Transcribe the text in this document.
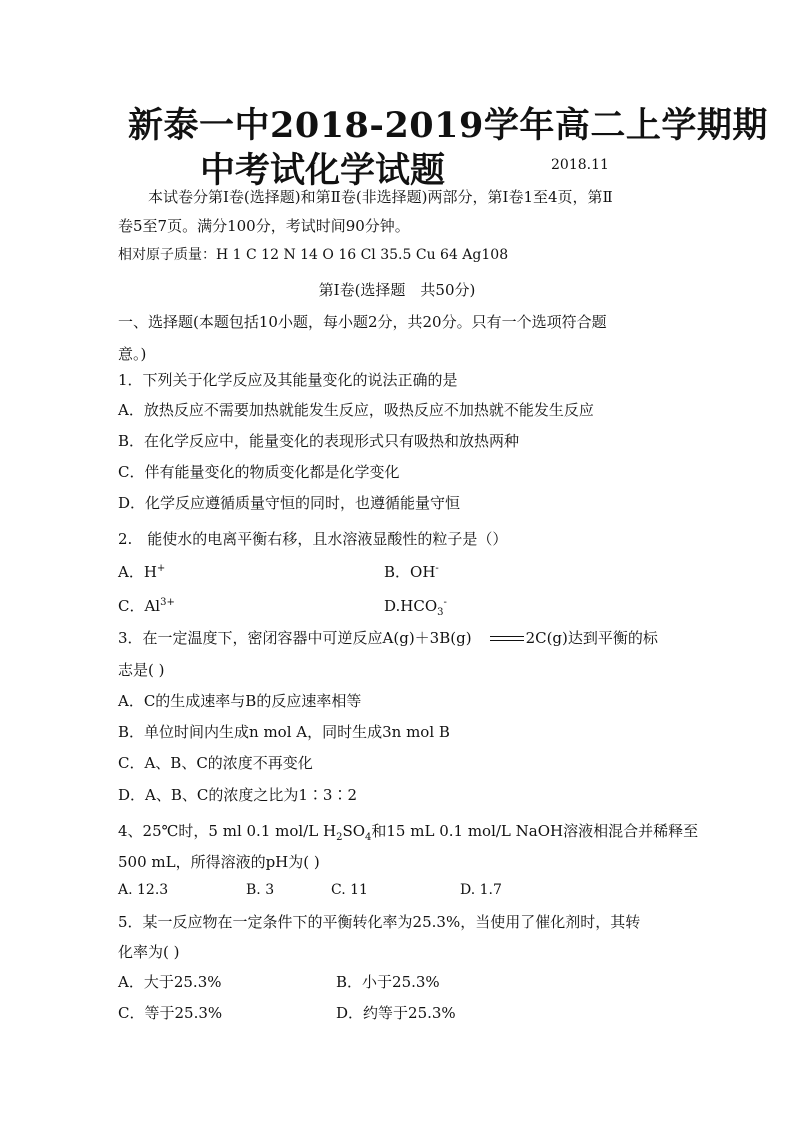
新泰一中2018-2019学年高二上学期期
中考试化学试题	2018.11
本试卷分第Ⅰ卷(选择题)和第Ⅱ卷(非选择题)两部分，第Ⅰ卷1至4页，第Ⅱ
卷5至7页。满分100分，考试时间90分钟。
相对原子质量：H 1 C 12 N 14 O 16 Cl 35.5 Cu 64 Ag108
第Ⅰ卷(选择题　共50分)
一、选择题(本题包括10小题，每小题2分，共20分。只有一个选项符合题
意。)
1．下列关于化学反应及其能量变化的说法正确的是
A．放热反应不需要加热就能发生反应，吸热反应不加热就不能发生反应
B．在化学反应中，能量变化的表现形式只有吸热和放热两种
C．伴有能量变化的物质变化都是化学变化
D．化学反应遵循质量守恒的同时，也遵循能量守恒
2.　能使水的电离平衡右移，且水溶液显酸性的粒子是（）
A．H+	B．OH-
C．$Al^{3+}$	$D.HCO_3^-$
3．在一定温度下，密闭容器中可逆反应A(g)＋3B(g)	2C(g)达到平衡的标
志是( )
A．C的生成速率与B的反应速率相等
B．单位时间内生成n mol A，同时生成3n mol B
C．A、B、C的浓度不再变化
D．A、B、C的浓度之比为1∶3∶2
4、25℃时，5 ml 0.1 mol/L $H_2SO_4$和15 mL 0.1 mol/L NaOH溶液相混合并稀释至
500 mL，所得溶液的pH为( )
A. 12.3	B. 3	C. 11	D. 1.7
5．某一反应物在一定条件下的平衡转化率为25.3%，当使用了催化剂时，其转
化率为( )
A．大于25.3%	B．小于25.3%
C．等于25.3%	D．约等于25.3%
